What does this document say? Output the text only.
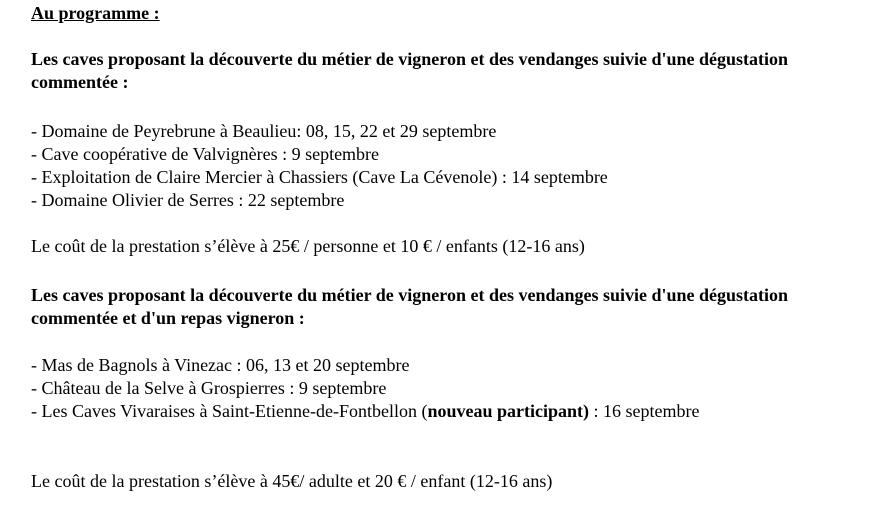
Au programme :

Les caves proposant la découverte du métier de vigneron et des vendanges suivie d'une dégustation commentée :

- Domaine de Peyrebrune à Beaulieu: 08, 15, 22 et 29 septembre
- Cave coopérative de Valvignères : 9 septembre
- Exploitation de Claire Mercier à Chassiers (Cave La Cévenole) : 14 septembre
- Domaine Olivier de Serres : 22 septembre

Le coût de la prestation s’élève à 25€ / personne et 10 € / enfants (12-16 ans)

Les caves proposant la découverte du métier de vigneron et des vendanges suivie d'une dégustation commentée et d'un repas vigneron :

- Mas de Bagnols à Vinezac : 06, 13 et 20 septembre
- Château de la Selve à Grospierres : 9 septembre
- Les Caves Vivaraises à Saint-Etienne-de-Fontbellon (nouveau participant) : 16 septembre

Le coût de la prestation s’élève à 45€/ adulte et 20 € / enfant (12-16 ans)
